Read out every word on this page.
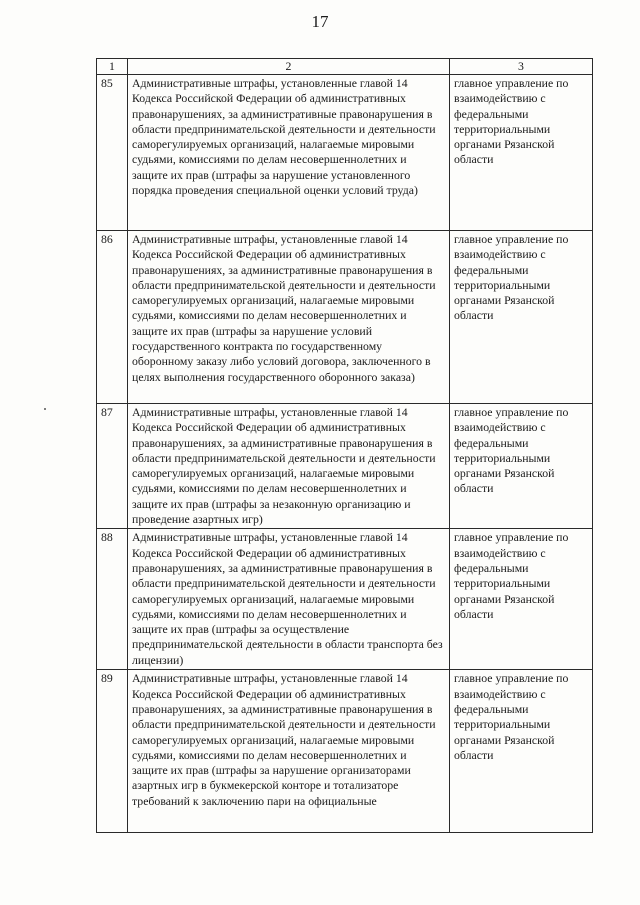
17
1	2	3
85	Административные штрафы, установленные главой 14 Кодекса Российской Федерации об административных правонарушениях, за административные правонарушения в области предпринимательской деятельности и деятельности саморегулируемых организаций, налагаемые мировыми судьями, комиссиями по делам несовершеннолетних и защите их прав (штрафы за нарушение установленного порядка проведения специальной оценки условий труда)	главное управление по взаимодействию с федеральными территориальными органами Рязанской области
86	Административные штрафы, установленные главой 14 Кодекса Российской Федерации об административных правонарушениях, за административные правонарушения в области предпринимательской деятельности и деятельности саморегулируемых организаций, налагаемые мировыми судьями, комиссиями по делам несовершеннолетних и защите их прав (штрафы за нарушение условий государственного контракта по государственному оборонному заказу либо условий договора, заключенного в целях выполнения государственного оборонного заказа)	главное управление по взаимодействию с федеральными территориальными органами Рязанской области
87	Административные штрафы, установленные главой 14 Кодекса Российской Федерации об административных правонарушениях, за административные правонарушения в области предпринимательской деятельности и деятельности саморегулируемых организаций, налагаемые мировыми судьями, комиссиями по делам несовершеннолетних и защите их прав (штрафы за незаконную организацию и проведение азартных игр)	главное управление по взаимодействию с федеральными территориальными органами Рязанской области
88	Административные штрафы, установленные главой 14 Кодекса Российской Федерации об административных правонарушениях, за административные правонарушения в области предпринимательской деятельности и деятельности саморегулируемых организаций, налагаемые мировыми судьями, комиссиями по делам несовершеннолетних и защите их прав (штрафы за осуществление предпринимательской деятельности в области транспорта без лицензии)	главное управление по взаимодействию с федеральными территориальными органами Рязанской области
89	Административные штрафы, установленные главой 14 Кодекса Российской Федерации об административных правонарушениях, за административные правонарушения в области предпринимательской деятельности и деятельности саморегулируемых организаций, налагаемые мировыми судьями, комиссиями по делам несовершеннолетних и защите их прав (штрафы за нарушение организаторами азартных игр в букмекерской конторе и тотализаторе требований к заключению пари на официальные	главное управление по взаимодействию с федеральными территориальными органами Рязанской области
